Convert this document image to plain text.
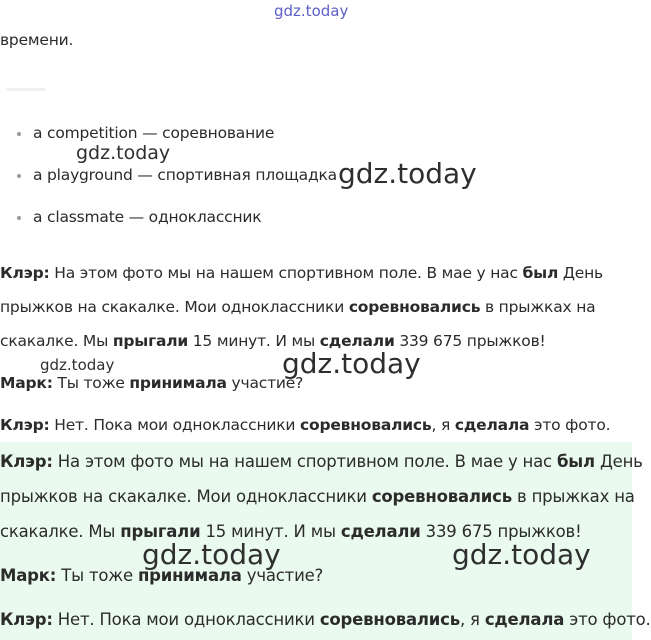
gdz.today
времени.
a competition — соревнование
a playground — спортивная площадка
a classmate — одноклассник
gdz.today
gdz.today
Клэр: На этом фото мы на нашем спортивном поле. В мае у нас был День
прыжков на скакалке. Мои одноклассники соревновались в прыжках на
скакалке. Мы прыгали 15 минут. И мы сделали 339 675 прыжков!
Марк: Ты тоже принимала участие?
Клэр: Нет. Пока мои одноклассники соревновались, я сделала это фото.
gdz.today	gdz.today
Клэр: На этом фото мы на нашем спортивном поле. В мае у нас был День
прыжков на скакалке. Мои одноклассники соревновались в прыжках на
скакалке. Мы прыгали 15 минут. И мы сделали 339 675 прыжков!
Марк: Ты тоже принимала участие?
Клэр: Нет. Пока мои одноклассники соревновались, я сделала это фото.
gdz.today	gdz.today
